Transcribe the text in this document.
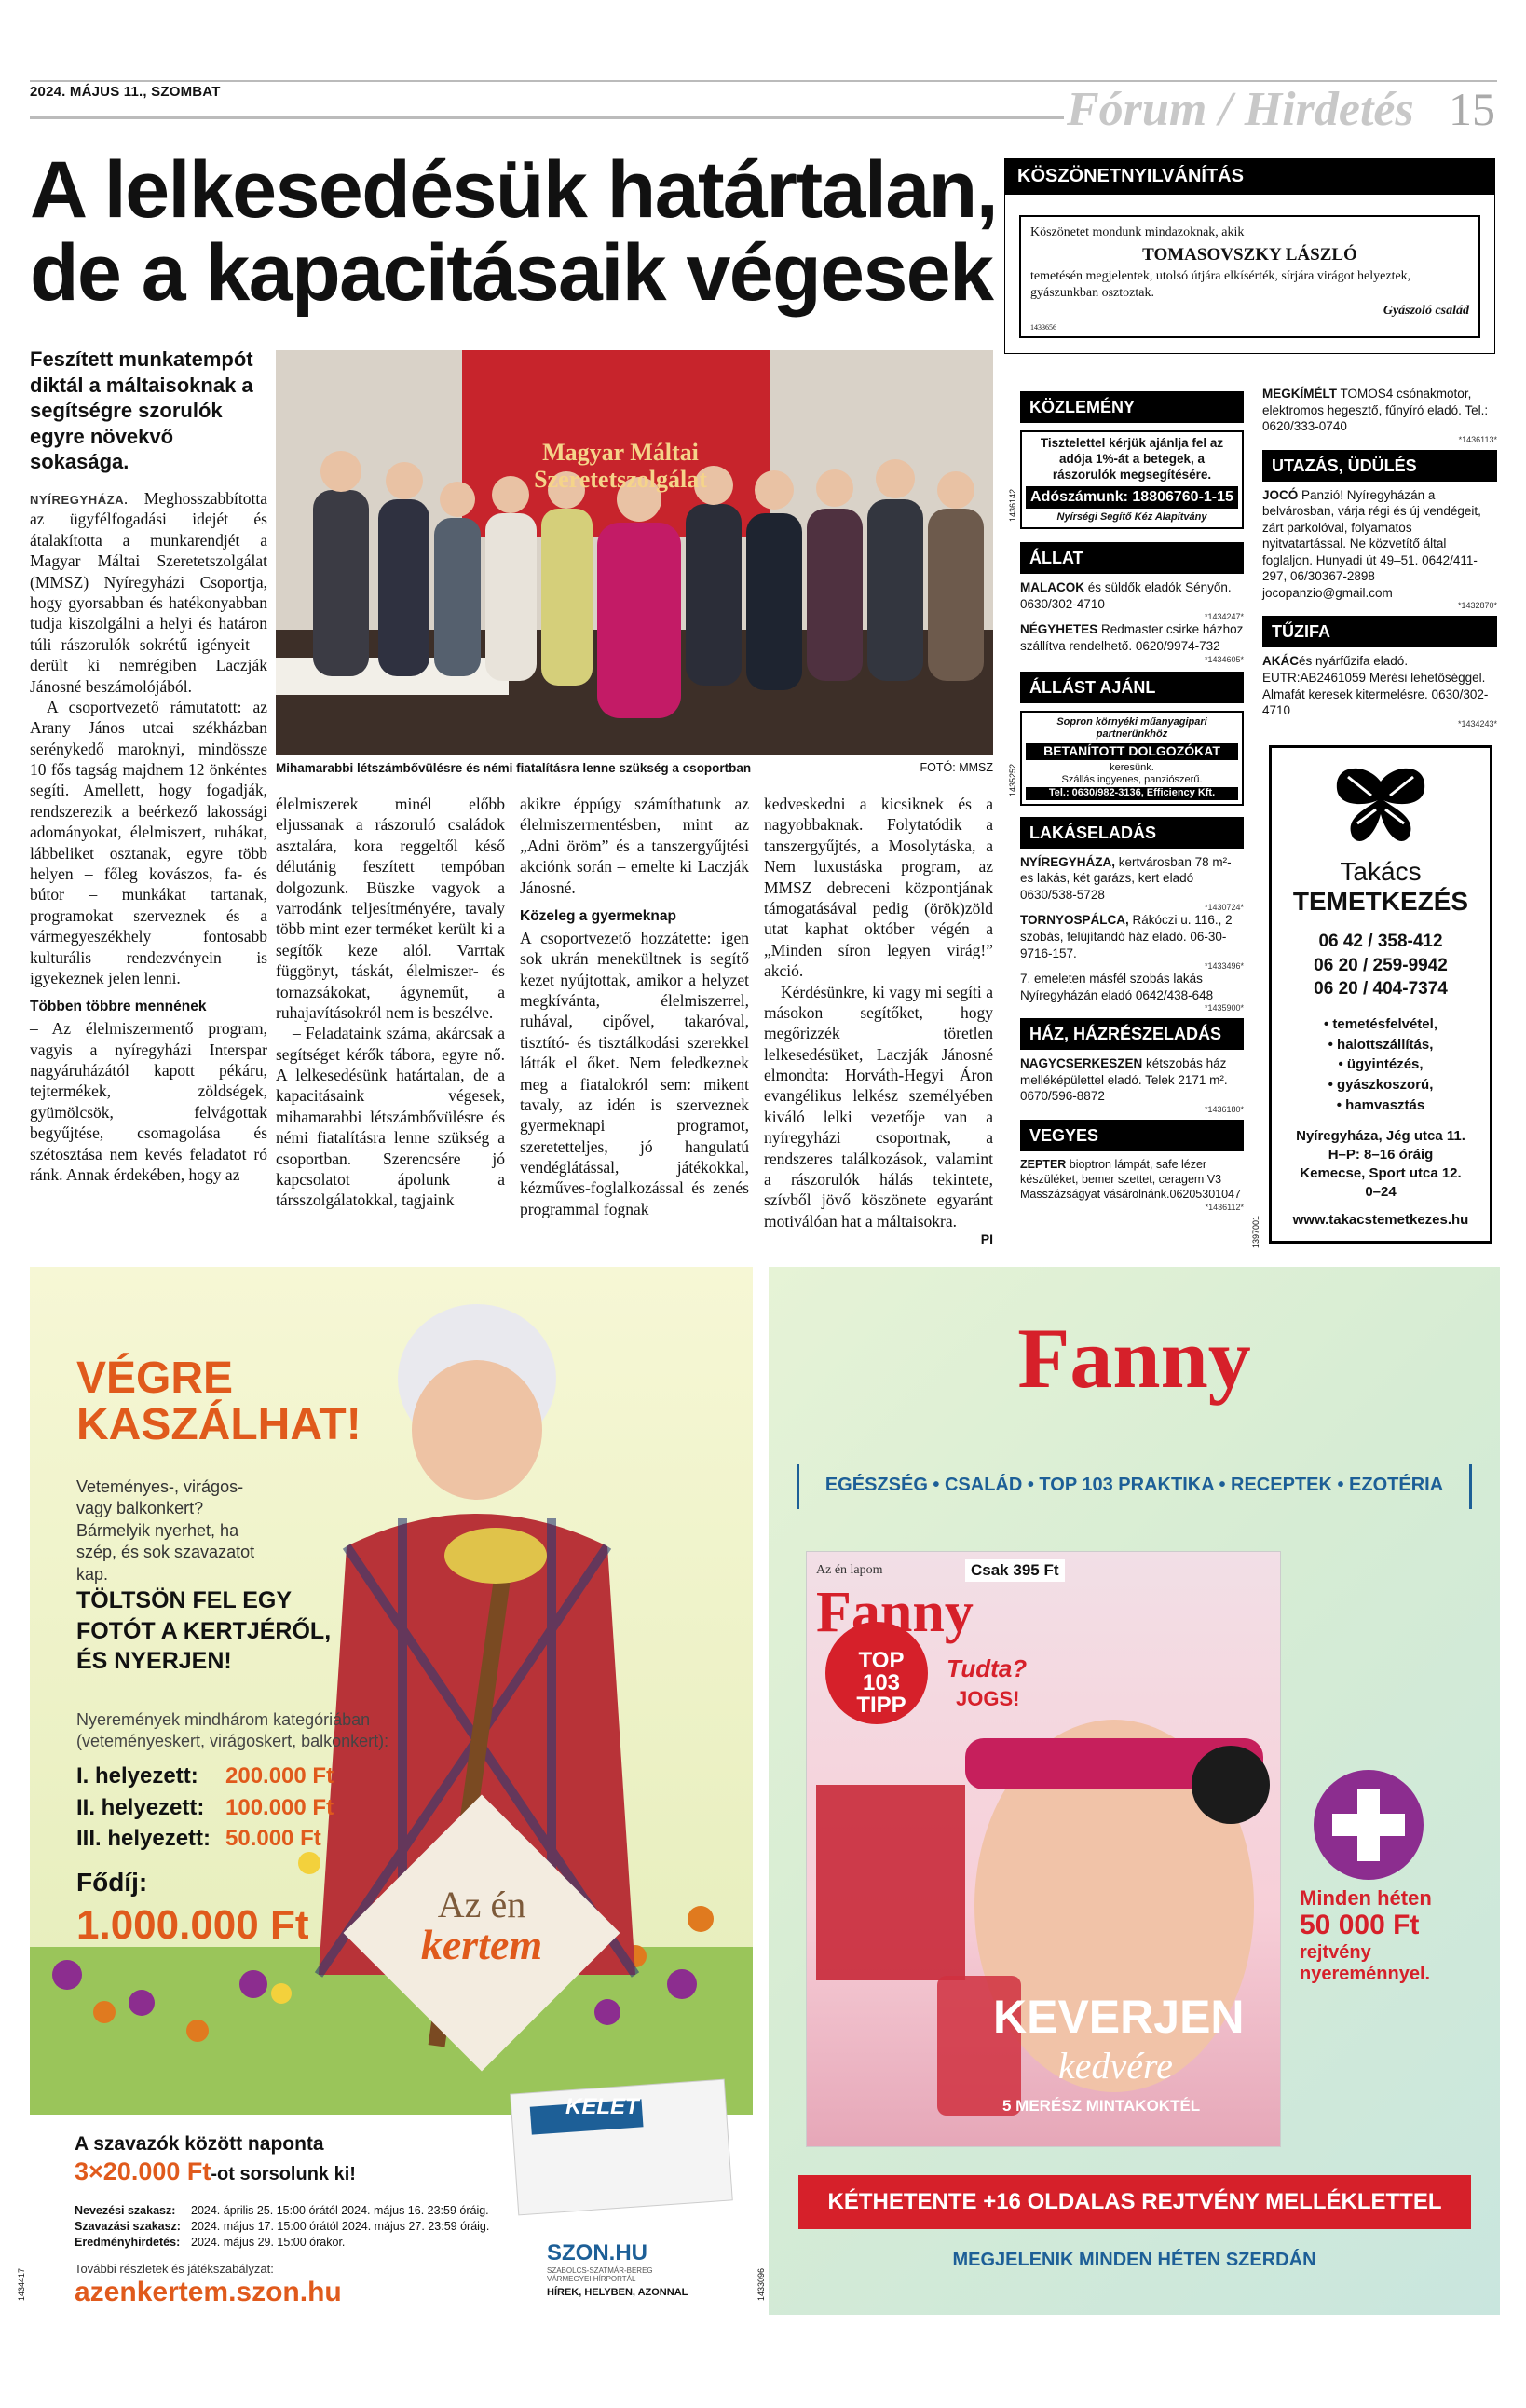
2024. MÁJUS 11., SZOMBAT	Fórum / Hirdetés 15
A lelkesedésük határtalan,
de a kapacitásaik végesek
Feszített munkatempót diktál a máltaisoknak a segítségre szorulók egyre növekvő sokasága.

NYÍREGYHÁZA. Meghosszabbította az ügyfélfogadási idejét és átalakította a munkarendjét a Magyar Máltai Szeretetszolgálat (MMSZ) Nyíregyházi Csoportja, hogy gyorsabban és hatékonyabban tudja kiszolgálni a helyi és határon túli rászorulók sokrétű igényeit – derült ki nemrégiben Laczják Jánosné beszámolójából.

A csoportvezető rámutatott: az Arany János utcai székházban serénykedő maroknyi, mindössze 10 fős tagság majdnem 12 önkéntes segíti. Amellett, hogy fogadják, rendszerezik a beérkező lakossági adományokat, élelmiszert, ruhákat, lábbeliket osztanak, egyre több helyen – főleg kovászos, fa- és bútor – munkákat tartanak, programokat szerveznek és a vármegyeszékhely fontosabb kulturális rendezvényein is igyekeznek jelen lenni.

Többen többre mennének

– Az élelmiszermentő program, vagyis a nyíregyházi Interspar nagyáruházától kapott pékáru, tejtermékek, zöldségek, gyümölcsök, felvágottak begyűjtése, csomagolása és szétosztása nem kevés feladatot ró ránk. Annak érdekében, hogy az

Magyar Máltai Szeretetszolgálat
Mihamarabbi létszámbővülésre és némi fiatalításra lenne szükség a csoportban	FOTÓ: MMSZ

élelmiszerek minél előbb eljussanak a rászoruló családok asztalára, kora reggeltől késő délutánig feszített tempóban dolgozunk. Büszke vagyok a varrodánk teljesítményére, tavaly több mint ezer terméket került ki a segítők keze alól. Varrtak függönyt, táskát, élelmiszer- és tornazsákokat, ágyneműt, a ruhajavításokról nem is beszélve.

– Feladataink száma, akárcsak a segítséget kérők tábora, egyre nő. A lelkesedésünk határtalan, de a kapacitásaink végesek, mihamarabbi létszámbővülésre és némi fiatalításra lenne szükség a csoportban. Szerencsére jó kapcsolatot ápolunk a társszolgálatokkal, tagjaink

akikre éppúgy számíthatunk az élelmiszermentésben, mint az „Adni öröm” és a tanszergyűjtési akciónk során – emelte ki Laczják Jánosné.

Közeleg a gyermeknap

A csoportvezető hozzátette: igen sok ukrán menekültnek is segítő kezet nyújtottak, amikor a helyzet megkívánta, élelmiszerrel, ruhával, cipővel, takaróval, tisztító- és tisztálkodási szerekkel látták el őket. Nem feledkeznek meg a fiatalokról sem: mikent tavaly, az idén is szerveznek gyermeknapi programot, szeretetteljes, jó hangulatú vendéglátással, játékokkal, kézműves-foglalkozással és zenés programmal fognak

kedveskedni a kicsiknek és a nagyobbaknak. Folytatódik a tanszergyűjtés, a Mosolytáska, a Nem luxustáska program, az MMSZ debreceni központjának támogatásával pedig (örök)zöld utat kaphat október végén a „Minden síron legyen virág!” akció.

Kérdésünkre, ki vagy mi segíti a másokon segítőket, hogy megőrizzék töretlen lelkesedésüket, Laczják Jánosné elmondta: Horváth-Hegyi Áron evangélikus lelkész személyében kiváló lelki vezetője van a nyíregyházi csoportnak, a rendszeres találkozások, valamint a rászorulók hálás tekintete, szívből jövő köszönete egyaránt motiválóan hat a máltaisokra.

PI
KÖSZÖNETNYILVÁNÍTÁS
Köszönetet mondunk mindazoknak, akik
TOMASOVSZKY LÁSZLÓ
temetésén megjelentek, utolsó útjára elkísérték, sírjára virágot helyeztek, gyászunkban osztoztak.
Gyászoló család
1433656
KÖZLEMÉNY
Tisztelettel kérjük ajánlja fel az adója 1%-át a betegek, a rászorulók megsegítésére.
Adószámunk: 18806760-1-15
Nyírségi Segítő Kéz Alapítvány
ÁLLAT
MALACOK és süldők eladók Sényőn. 0630/302-4710
*1434247*
NÉGYHETES Redmaster csirke házhoz szállítva rendelhető. 0620/9974-732
*1434605*
ÁLLÁST AJÁNL
Sopron környéki műanyagipari partnerünkhöz
BETANÍTOTT DOLGOZÓKAT
keresünk.
Szállás ingyenes, panziószerű.
Tel.: 0630/982-3136, Efficiency Kft.
LAKÁSELADÁS
NYÍREGYHÁZA, kertvárosban 78 m²-es lakás, két garázs, kert eladó 0630/538-5728
*1430724*
TORNYOSPÁLCA, Rákóczi u. 116., 2 szobás, felújítandó ház eladó. 06-30-9716-157.
*1433496*
7. emeleten másfél szobás lakás Nyíregyházán eladó 0642/438-648
*1435900*
HÁZ, HÁZRÉSZELADÁS
NAGYCSERKESZEN kétszobás ház melléképülettel eladó. Telek 2171 m². 0670/596-8872
*1436180*
VEGYES
ZEPTER bioptron lámpát, safe lézer készüléket, bemer szettet, ceragem V3 Masszázságyat vásárolnánk.06205301047
*1436112*
MEGKÍMÉLT TOMOS4 csónakmotor, elektromos hegesztő, fűnyíró eladó. Tel.: 0620/333-0740
*1436113*
UTAZÁS, ÜDÜLÉS
JOCÓ Panzió! Nyíregyházán a belvárosban, várja régi és új vendégeit, zárt parkolóval, folyamatos nyitvatartással. Ne közvetítő által foglaljon. Hunyadi út 49–51. 0642/411-297, 06/30367-2898 jocopanzio@gmail.com
*1432870*
TŰZIFA
AKÁCés nyárfűzifa eladó. EUTR:AB2461059 Mérési lehetőséggel. Almafát keresek kitermelésre. 0630/302-4710
*1434243*
Takács
TEMETKEZÉS
06 42 / 358-412
06 20 / 259-9942
06 20 / 404-7374
• temetésfelvétel,
• halottszállítás,
• ügyintézés,
• gyászkoszorú,
• hamvasztás
Nyíregyháza, Jég utca 11.
H–P: 8–16 óráig
Kemecse, Sport utca 12.
0–24
www.takacstemetkezes.hu
1436142
1435252
1397001
VÉGRE
KASZÁLHAT!
Veteményes-, virágos-vagy balkonkert? Bármelyik nyerhet, ha szép, és sok szavazatot kap.
TÖLTSÖN FEL EGY FOTÓT A KERTJÉRŐL, ÉS NYERJEN!
Nyeremények mindhárom kategóriában (veteményeskert, virágoskert, balkonkert):
I. helyezett: 200.000 Ft
II. helyezett: 100.000 Ft
III. helyezett: 50.000 Ft
Fődíj:
1.000.000 Ft	Az én
kertem
A szavazók között naponta
3×20.000 Ft-ot sorsolunk ki!
Nevezési szakasz: 2024. április 25. 15:00 órától 2024. május 16. 23:59 óráig.
Szavazási szakasz: 2024. május 17. 15:00 órától 2024. május 27. 23:59 óráig.
Eredményhirdetés: 2024. május 29. 15:00 órakor.
További részletek és játékszabályzat:
azenkertem.szon.hu
KELET
SZON.HU
SZABOLCS-SZATMÁR-BEREG VÁRMEGYEI HÍRPORTÁL
HÍREK, HELYBEN, AZONNAL
1434417
Fanny
EGÉSZSÉG • CSALÁD • TOP 103 PRAKTIKA • RECEPTEK • EZOTÉRIA
Az én lapom	Csak 395 Ft
Fanny
TOP 103 TIPP
Tudta?
JOGS!
KEVERJEN
kedvére
5 MERÉSZ MINTAKOKTÉL
Minden héten
50 000 Ft
rejtvény nyereménnyel.
KÉTHETENTE +16 OLDALAS REJTVÉNY MELLÉKLETTEL
MEGJELENIK MINDEN HÉTEN SZERDÁN
1433096
